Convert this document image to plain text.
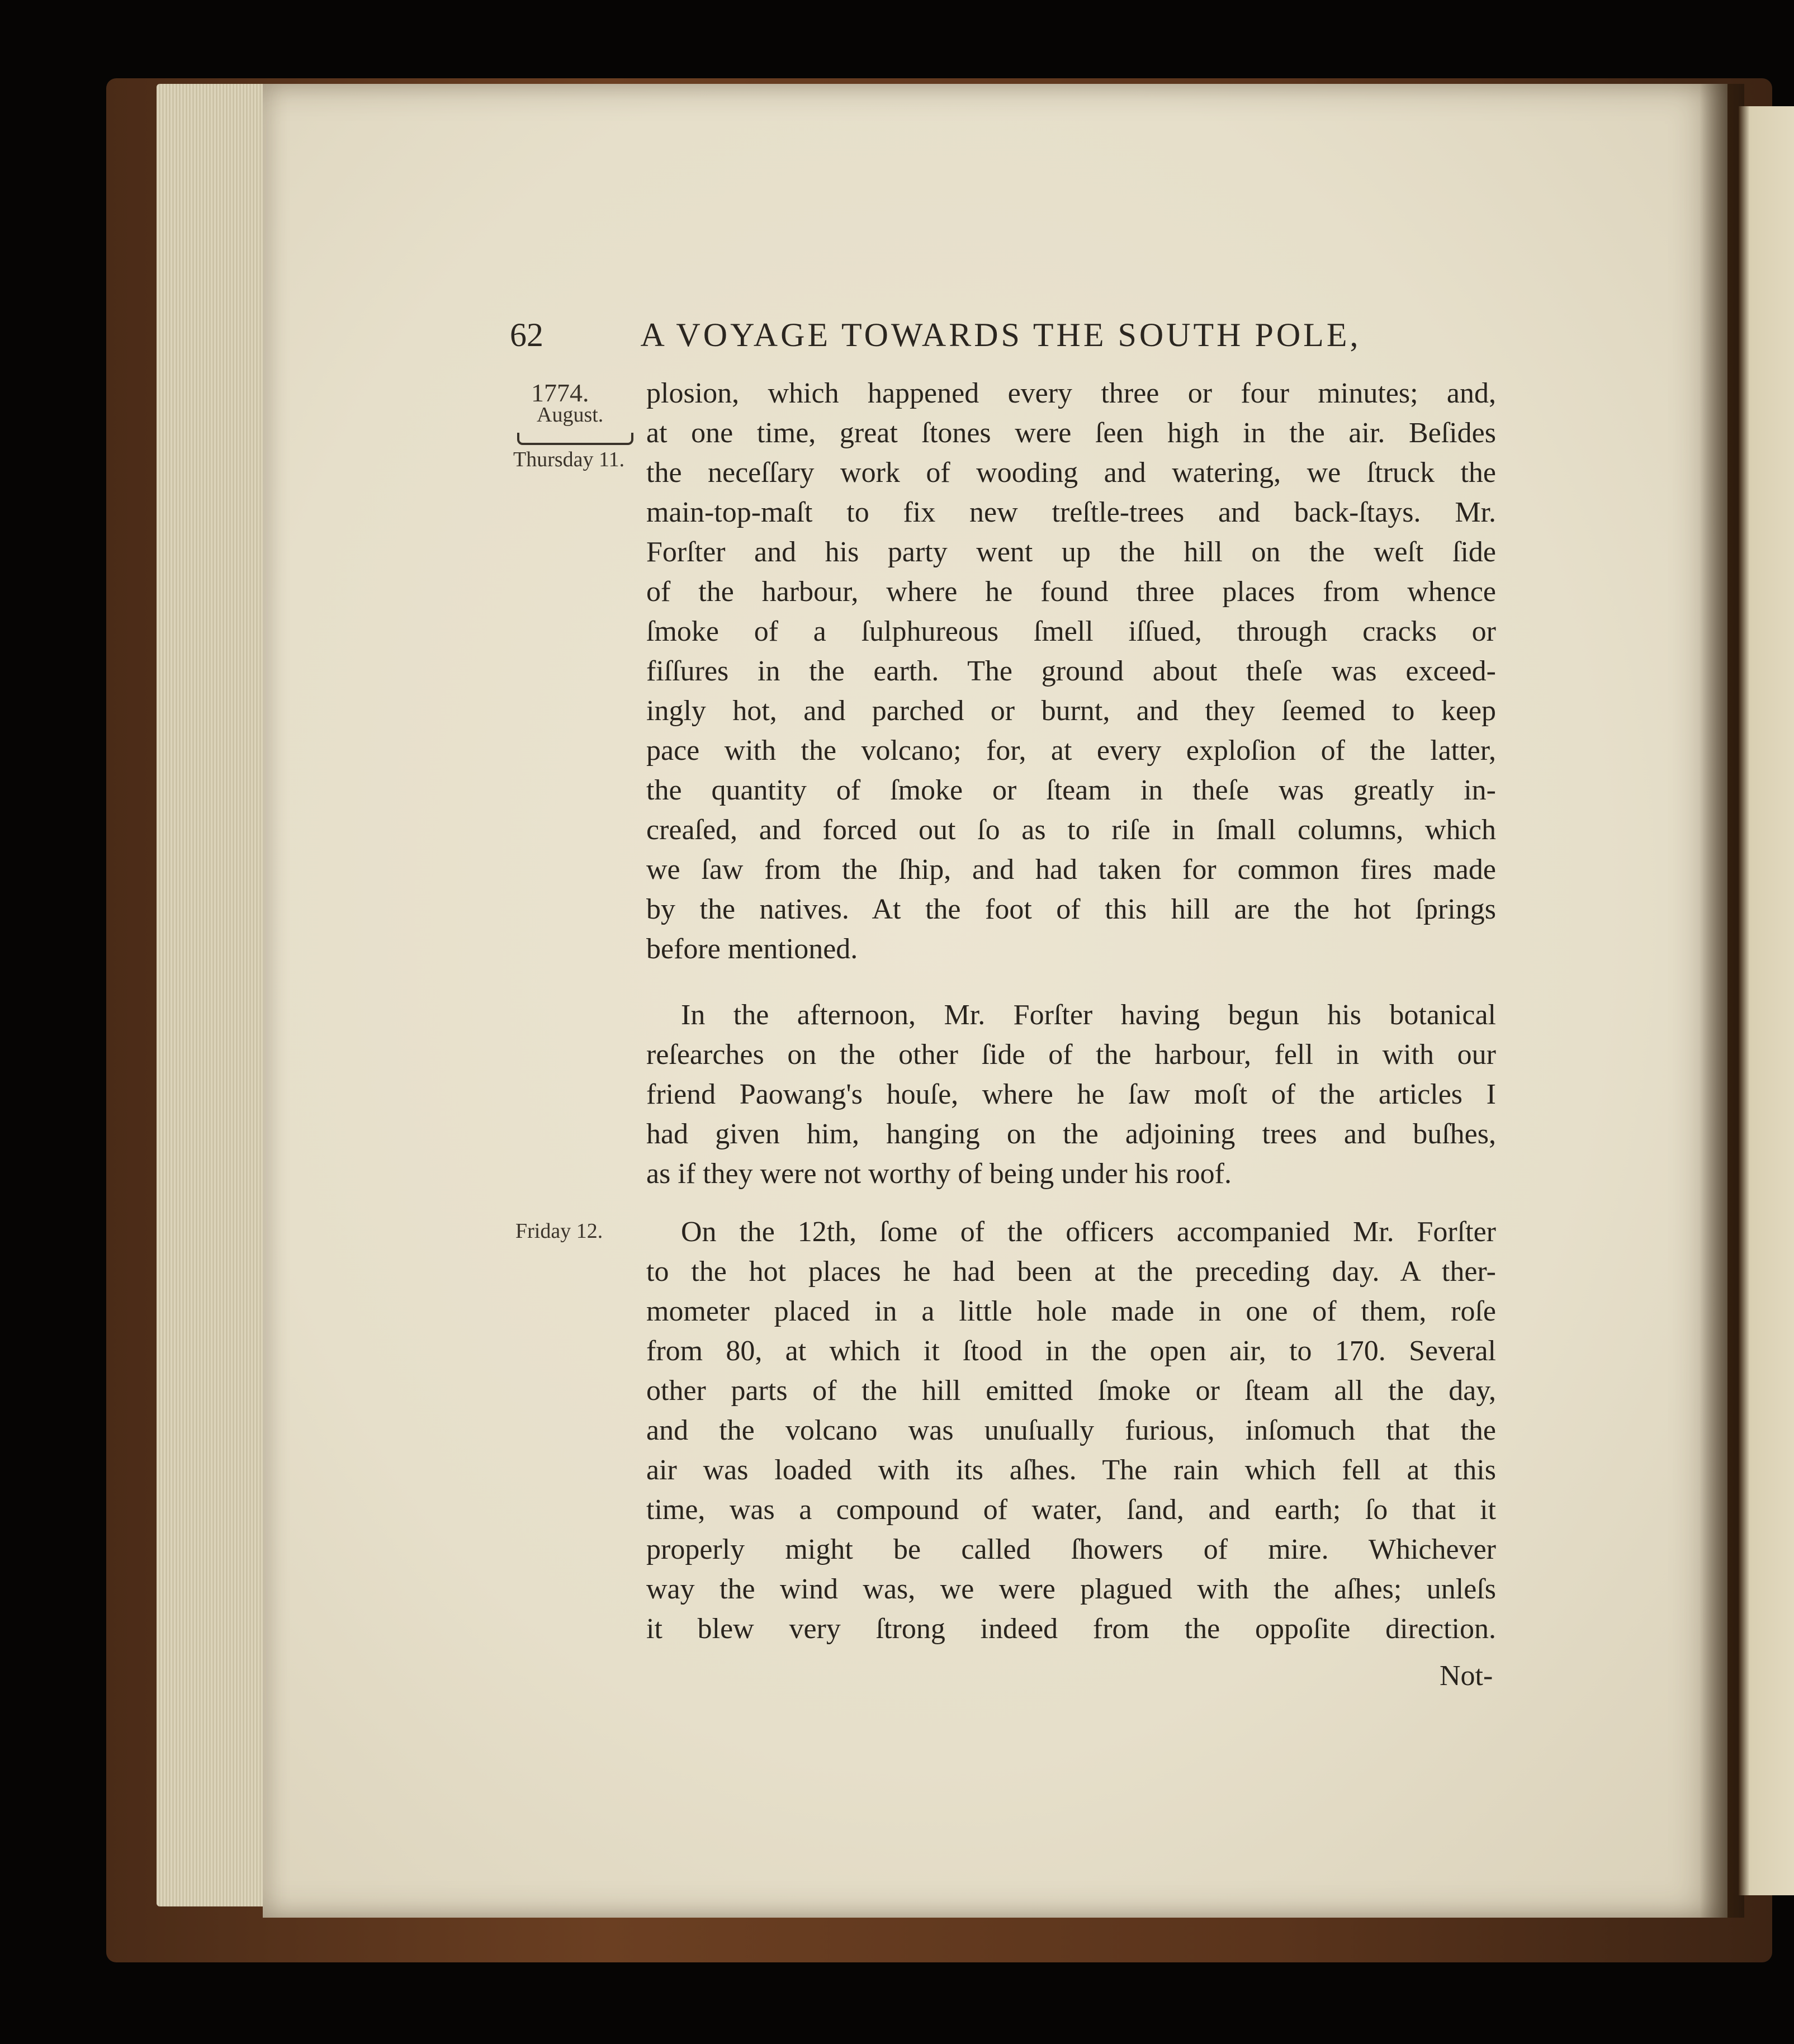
A VOYAGE TOWARDS THE SOUTH POLE,
62
1774.
August.
Thursday 11.
Friday 12.
plosion, which happened every three or four minutes; and,
at one time, great ſtones were ſeen high in the air. Beſides
the neceſſary work of wooding and watering, we ſtruck the
main-top-maſt to fix new treſtle-trees and back-ſtays. Mr.
Forſter and his party went up the hill on the weſt ſide
of the harbour, where he found three places from whence
ſmoke of a ſulphureous ſmell iſſued, through cracks or
fiſſures in the earth. The ground about theſe was exceed-
ingly hot, and parched or burnt, and they ſeemed to keep
pace with the volcano; for, at every exploſion of the latter,
the quantity of ſmoke or ſteam in theſe was greatly in-
creaſed, and forced out ſo as to riſe in ſmall columns, which
we ſaw from the ſhip, and had taken for common fires made
by the natives. At the foot of this hill are the hot ſprings
before mentioned.
In the afternoon, Mr. Forſter having begun his botanical
reſearches on the other ſide of the harbour, fell in with our
friend Paowang's houſe, where he ſaw moſt of the articles I
had given him, hanging on the adjoining trees and buſhes,
as if they were not worthy of being under his roof.
On the 12th, ſome of the officers accompanied Mr. Forſter
to the hot places he had been at the preceding day. A ther-
mometer placed in a little hole made in one of them, roſe
from 80, at which it ſtood in the open air, to 170. Several
other parts of the hill emitted ſmoke or ſteam all the day,
and the volcano was unuſually furious, inſomuch that the
air was loaded with its aſhes. The rain which fell at this
time, was a compound of water, ſand, and earth; ſo that it
properly might be called ſhowers of mire. Whichever
way the wind was, we were plagued with the aſhes; unleſs
it blew very ſtrong indeed from the oppoſite direction.
Not-
